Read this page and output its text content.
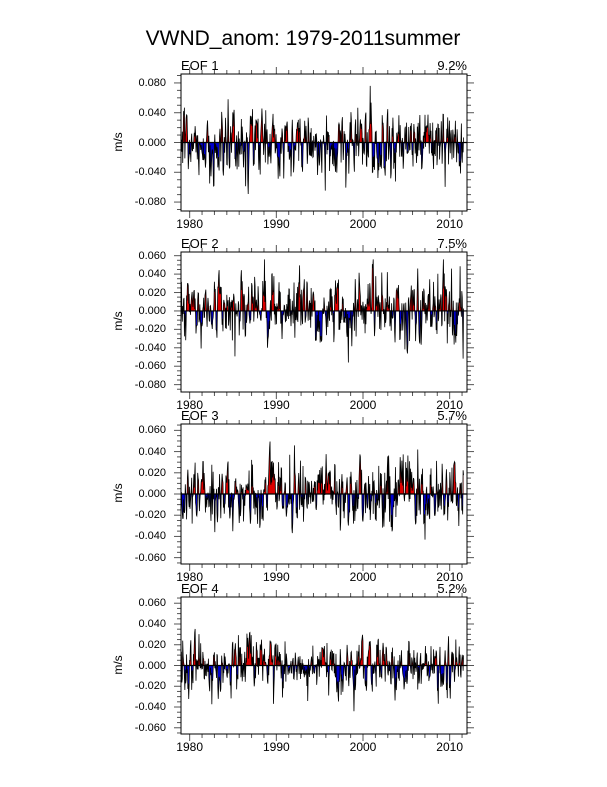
VWND_anom: 1979-2011summer
EOF 1	9.2%
m/s
1980	1990	2000	2010
0.080
0.040
0.000
-0.040
-0.080
EOF 2	7.5%
m/s
1980	1990	2000	2010
0.060
0.040
0.020
0.000
-0.020
-0.040
-0.060
-0.080
EOF 3	5.7%
m/s
1980	1990	2000	2010
0.060
0.040
0.020
0.000
-0.020
-0.040
-0.060
EOF 4	5.2%
m/s
1980	1990	2000	2010
0.060
0.040
0.020
0.000
-0.020
-0.040
-0.060
